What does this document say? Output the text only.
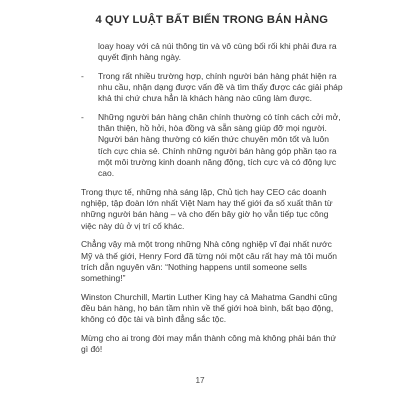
4 QUY LUẬT BẤT BIẾN TRONG BÁN HÀNG

loay hoay với cả núi thông tin và vô cùng bối rối khi phải đưa ra quyết định hàng ngày.

- Trong rất nhiều trường hợp, chính người bán hàng phát hiện ra nhu cầu, nhận dạng được vấn đề và tìm thấy được các giải pháp khả thi chứ chưa hẳn là khách hàng nào cũng làm được.
- Những người bán hàng chân chính thường có tính cách cởi mở, thân thiện, hồ hởi, hòa đồng và sẵn sàng giúp đỡ mọi người. Người bán hàng thường có kiến thức chuyên môn tốt và luôn tích cực chia sẻ. Chính những người bán hàng góp phần tạo ra một môi trường kinh doanh năng động, tích cực và có động lực cao.

Trong thực tế, những nhà sáng lập, Chủ tịch hay CEO các doanh nghiệp, tập đoàn lớn nhất Việt Nam hay thế giới đa số xuất thân từ những người bán hàng – và cho đến bây giờ họ vẫn tiếp tục công việc này dù ở vị trí cố khác.

Chẳng vậy mà một trong những Nhà công nghiệp vĩ đại nhất nước Mỹ và thế giới, Henry Ford đã từng nói một câu rất hay mà tôi muốn trích dẫn nguyên văn: “Nothing happens until someone sells something!”

Winston Churchill, Martin Luther King hay cả Mahatma Gandhi cũng đều bán hàng, họ bán tầm nhìn về thế giới hoà bình, bất bạo động, không có độc tài và bình đẳng sắc tộc.

Mừng cho ai trong đời may mắn thành công mà không phải bán thứ gì đó!

17
